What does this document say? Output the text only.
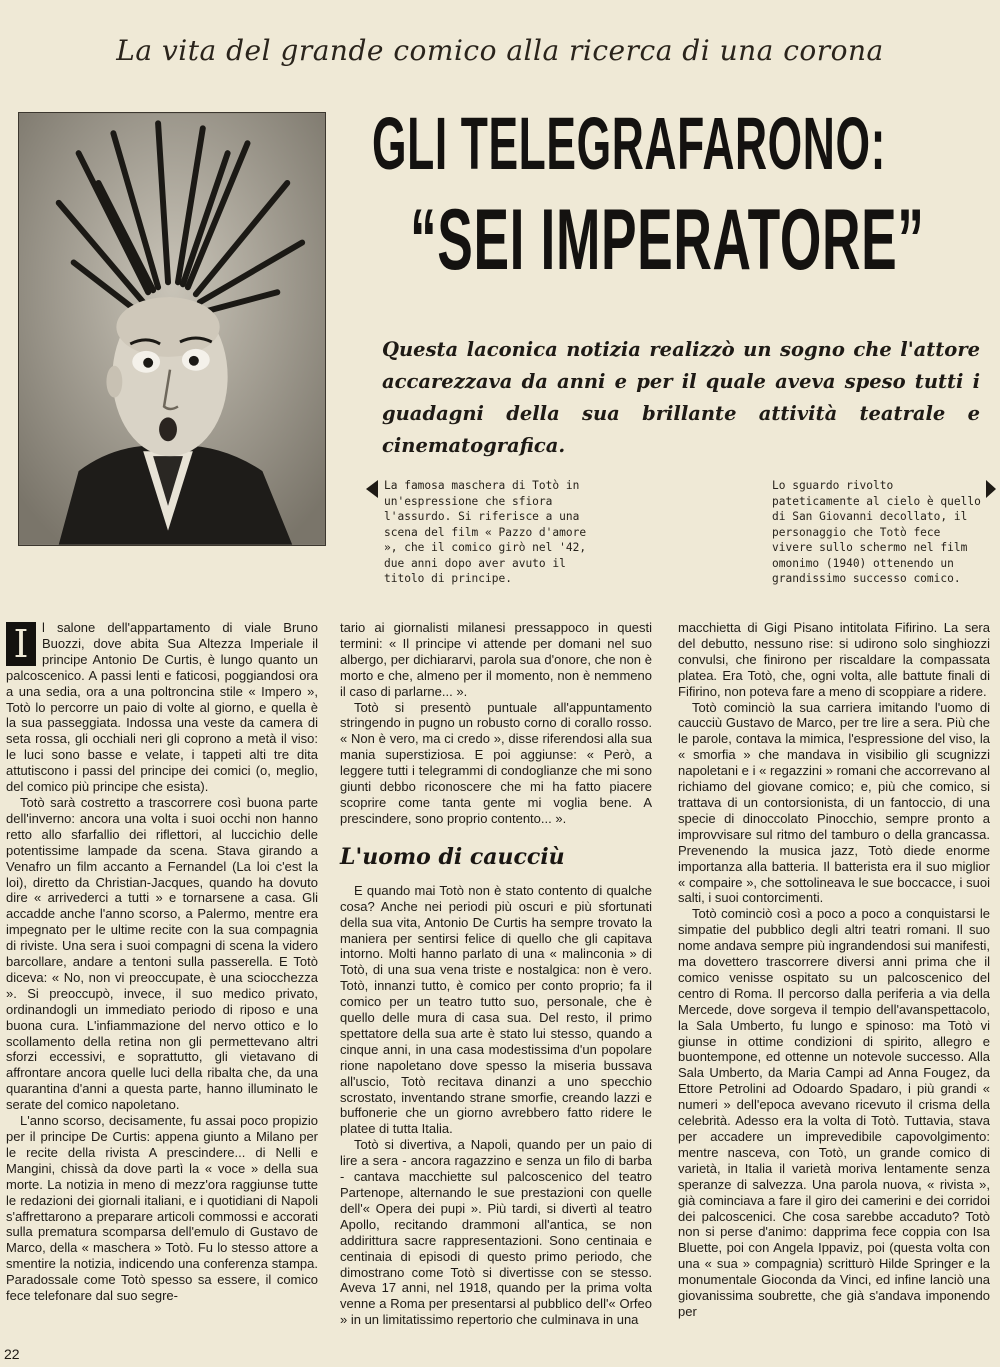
La vita del grande comico alla ricerca di una corona
GLI TELEGRAFARONO:
“SEI IMPERATORE”

Questa laconica notizia realizzò un sogno che l'attore accarezzava da anni e per il quale aveva speso tutti i guadagni della sua brillante attività teatrale e cinematografica.

La famosa maschera di Totò in un'espressione che sfiora l'assurdo. Si riferisce a una scena del film « Pazzo d'amore », che il comico girò nel '42, due anni dopo aver avuto il titolo di principe.

Lo sguardo rivolto pateticamente al cielo è quello di San Giovanni decollato, il personaggio che Totò fece vivere sullo schermo nel film omonimo (1940) ottenendo un grandissimo successo comico.

I	l salone dell'appartamento di viale Bruno Buozzi, dove abita Sua Altezza Imperiale il principe Antonio De Curtis, è lungo quanto un palcoscenico. A passi lenti e faticosi, poggiandosi ora a una sedia, ora a una poltroncina stile « Impero », Totò lo percorre un paio di volte al giorno, e quella è la sua passeggiata. Indossa una veste da camera di seta rossa, gli occhiali neri gli coprono a metà il viso: le luci sono basse e velate, i tappeti alti tre dita attutiscono i passi del principe dei comici (o, meglio, del comico più principe che esista).

Totò sarà costretto a trascorrere così buona parte dell'inverno: ancora una volta i suoi occhi non hanno retto allo sfarfallio dei riflettori, al luccichio delle potentissime lampade da scena. Stava girando a Venafro un film accanto a Fernandel (La loi c'est la loi), diretto da Christian-Jacques, quando ha dovuto dire « arrivederci a tutti » e tornarsene a casa. Gli accadde anche l'anno scorso, a Palermo, mentre era impegnato per le ultime recite con la sua compagnia di riviste. Una sera i suoi compagni di scena la videro barcollare, andare a tentoni sulla passerella. E Totò diceva: « No, non vi preoccupate, è una sciocchezza ». Si preoccupò, invece, il suo medico privato, ordinandogli un immediato periodo di riposo e una buona cura. L'infiammazione del nervo ottico e lo scollamento della retina non gli permettevano altri sforzi eccessivi, e soprattutto, gli vietavano di affrontare ancora quelle luci della ribalta che, da una quarantina d'anni a questa parte, hanno illuminato le serate del comico napoletano.

L'anno scorso, decisamente, fu assai poco propizio per il principe De Curtis: appena giunto a Milano per le recite della rivista A prescindere... di Nelli e Mangini, chissà da dove partì la « voce » della sua morte. La notizia in meno di mezz'ora raggiunse tutte le redazioni dei giornali italiani, e i quotidiani di Napoli s'affrettarono a preparare articoli commossi e accorati sulla prematura scomparsa dell'emulo di Gustavo de Marco, della « maschera » Totò. Fu lo stesso attore a smentire la notizia, indicendo una conferenza stampa. Paradossale come Totò spesso sa essere, il comico fece telefonare dal suo segre-

tario ai giornalisti milanesi pressappoco in questi termini: « Il principe vi attende per domani nel suo albergo, per dichiararvi, parola sua d'onore, che non è morto e che, almeno per il momento, non è nemmeno il caso di parlarne... ».

Totò si presentò puntuale all'appuntamento stringendo in pugno un robusto corno di corallo rosso. « Non è vero, ma ci credo », disse riferendosi alla sua mania superstiziosa. E poi aggiunse: « Però, a leggere tutti i telegrammi di condoglianze che mi sono giunti debbo riconoscere che mi ha fatto piacere scoprire come tanta gente mi voglia bene. A prescindere, sono proprio contento... ».

L'uomo di caucciù

E quando mai Totò non è stato contento di qualche cosa? Anche nei periodi più oscuri e più sfortunati della sua vita, Antonio De Curtis ha sempre trovato la maniera per sentirsi felice di quello che gli capitava intorno. Molti hanno parlato di una « malinconia » di Totò, di una sua vena triste e nostalgica: non è vero. Totò, innanzi tutto, è comico per conto proprio; fa il comico per un teatro tutto suo, personale, che è quello delle mura di casa sua. Del resto, il primo spettatore della sua arte è stato lui stesso, quando a cinque anni, in una casa modestissima d'un popolare rione napoletano dove spesso la miseria bussava all'uscio, Totò recitava dinanzi a uno specchio scrostato, inventando strane smorfie, creando lazzi e buffonerie che un giorno avrebbero fatto ridere le platee di tutta Italia.

Totò si divertiva, a Napoli, quando per un paio di lire a sera - ancora ragazzino e senza un filo di barba - cantava macchiette sul palcoscenico del teatro Partenope, alternando le sue prestazioni con quelle dell'« Opera dei pupi ». Più tardi, si divertì al teatro Apollo, recitando drammoni all'antica, se non addirittura sacre rappresentazioni. Sono centinaia e centinaia di episodi di questo primo periodo, che dimostrano come Totò si divertisse con se stesso. Aveva 17 anni, nel 1918, quando per la prima volta venne a Roma per presentarsi al pubblico dell'« Orfeo » in un limitatissimo repertorio che culminava in una

macchietta di Gigi Pisano intitolata Fifirino. La sera del debutto, nessuno rise: si udirono solo singhiozzi convulsi, che finirono per riscaldare la compassata platea. Era Totò, che, ogni volta, alle battute finali di Fifirino, non poteva fare a meno di scoppiare a ridere.

Totò cominciò la sua carriera imitando l'uomo di caucciù Gustavo de Marco, per tre lire a sera. Più che le parole, contava la mimica, l'espressione del viso, la « smorfia » che mandava in visibilio gli scugnizzi napoletani e i « regazzini » romani che accorrevano al richiamo del giovane comico; e, più che comico, si trattava di un contorsionista, di un fantoccio, di una specie di dinoccolato Pinocchio, sempre pronto a improvvisare sul ritmo del tamburo o della grancassa. Prevenendo la musica jazz, Totò diede enorme importanza alla batteria. Il batterista era il suo miglior « compaire », che sottolineava le sue boccacce, i suoi salti, i suoi contorcimenti.

Totò cominciò così a poco a poco a conquistarsi le simpatie del pubblico degli altri teatri romani. Il suo nome andava sempre più ingrandendosi sui manifesti, ma dovettero trascorrere diversi anni prima che il comico venisse ospitato su un palcoscenico del centro di Roma. Il percorso dalla periferia a via della Mercede, dove sorgeva il tempio dell'avanspettacolo, la Sala Umberto, fu lungo e spinoso: ma Totò vi giunse in ottime condizioni di spirito, allegro e buontempone, ed ottenne un notevole successo. Alla Sala Umberto, da Maria Campi ad Anna Fougez, da Ettore Petrolini ad Odoardo Spadaro, i più grandi « numeri » dell'epoca avevano ricevuto il crisma della celebrità. Adesso era la volta di Totò. Tuttavia, stava per accadere un imprevedibile capovolgimento: mentre nasceva, con Totò, un grande comico di varietà, in Italia il varietà moriva lentamente senza speranze di salvezza. Una parola nuova, « rivista », già cominciava a fare il giro dei camerini e dei corridoi dei palcoscenici. Che cosa sarebbe accaduto? Totò non si perse d'animo: dapprima fece coppia con Isa Bluette, poi con Angela Ippaviz, poi (questa volta con una « sua » compagnia) scritturò Hilde Springer e la monumentale Gioconda da Vinci, ed infine lanciò una giovanissima soubrette, che già s'andava imponendo per

22
